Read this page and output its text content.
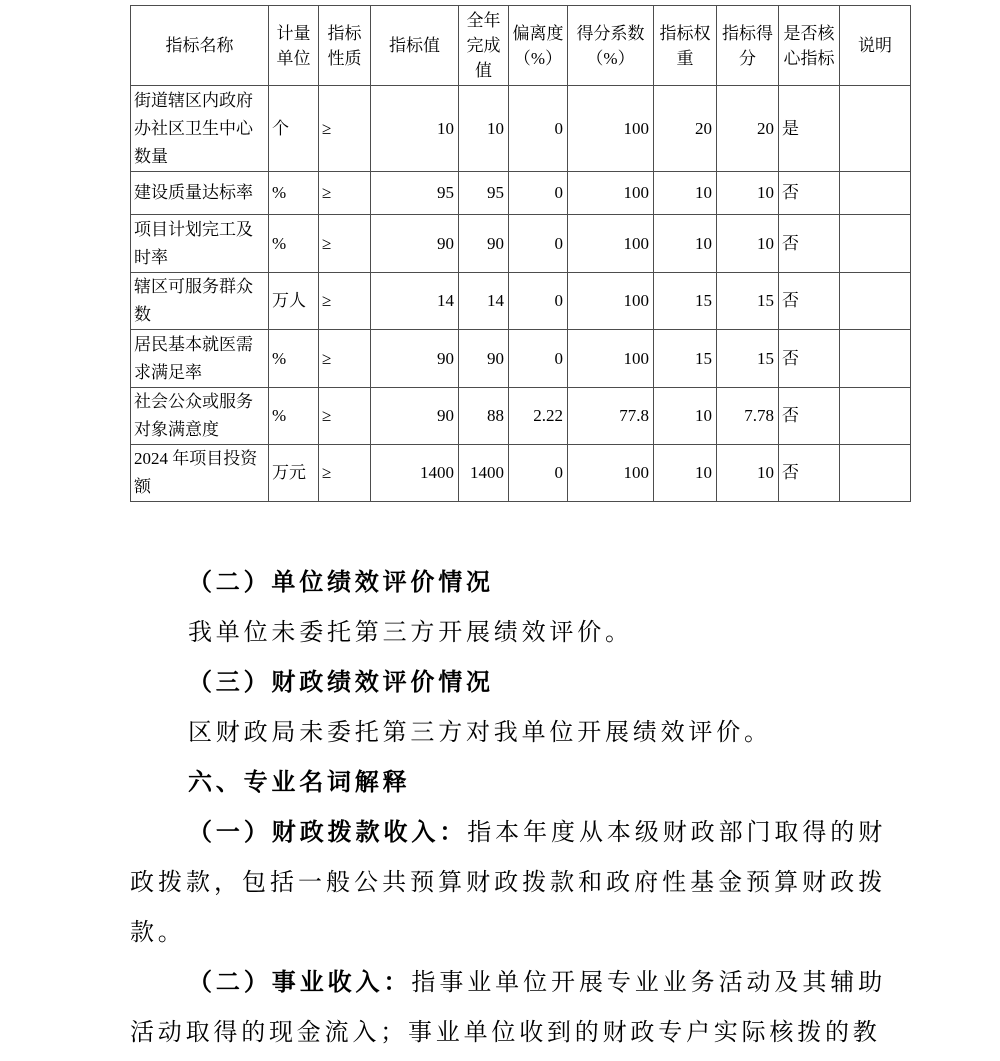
指标名称	计量单位	指标性质	指标值	全年完成值	偏离度（%）	得分系数（%）	指标权重	指标得分	是否核心指标	说明
街道辖区内政府办社区卫生中心数量	个	≥	10	10	0	100	20	20	是	
建设质量达标率	%	≥	95	95	0	100	10	10	否	
项目计划完工及时率	%	≥	90	90	0	100	10	10	否	
辖区可服务群众数	万人	≥	14	14	0	100	15	15	否	
居民基本就医需求满足率	%	≥	90	90	0	100	15	15	否	
社会公众或服务对象满意度	%	≥	90	88	2.22	77.8	10	7.78	否	
2024 年项目投资额	万元	≥	1400	1400	0	100	10	10	否	

（二）单位绩效评价情况

我单位未委托第三方开展绩效评价。

（三）财政绩效评价情况

区财政局未委托第三方对我单位开展绩效评价。

六、专业名词解释

（一）财政拨款收入：指本年度从本级财政部门取得的财政拨款，包括一般公共预算财政拨款和政府性基金预算财政拨款。

（二）事业收入：指事业单位开展专业业务活动及其辅助活动取得的现金流入；事业单位收到的财政专户实际核拨的教
